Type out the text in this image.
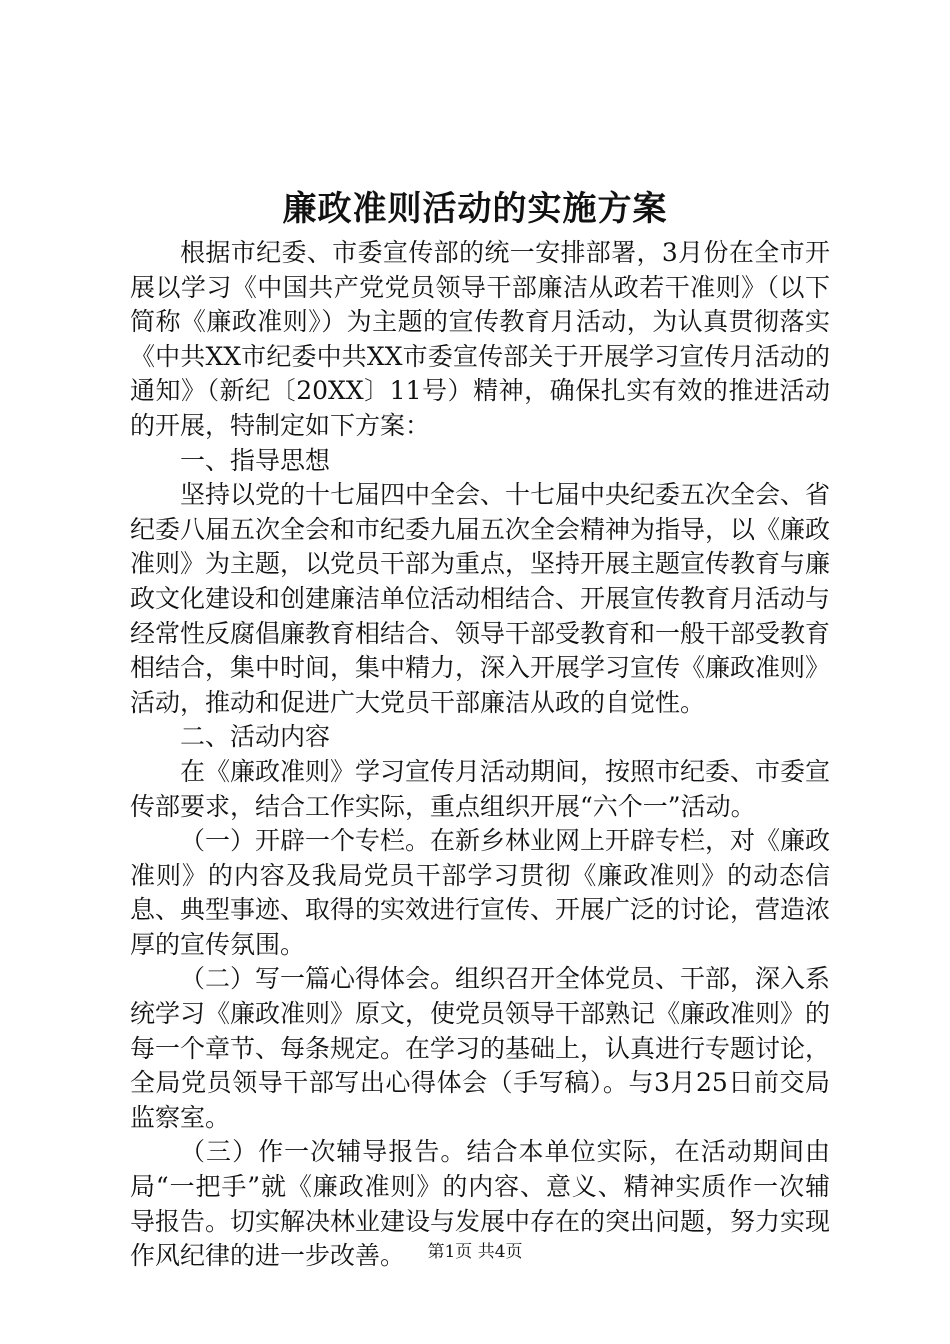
廉政准则活动的实施方案

根据市纪委、市委宣传部的统一安排部署，3月份在全市开展以学习《中国共产党党员领导干部廉洁从政若干准则》（以下简称《廉政准则》）为主题的宣传教育月活动，为认真贯彻落实《中共XX市纪委中共XX市委宣传部关于开展学习宣传月活动的通知》（新纪〔20XX〕11号）精神，确保扎实有效的推进活动的开展，特制定如下方案：

一、指导思想

坚持以党的十七届四中全会、十七届中央纪委五次全会、省纪委八届五次全会和市纪委九届五次全会精神为指导，以《廉政准则》为主题，以党员干部为重点，坚持开展主题宣传教育与廉政文化建设和创建廉洁单位活动相结合、开展宣传教育月活动与经常性反腐倡廉教育相结合、领导干部受教育和一般干部受教育相结合，集中时间，集中精力，深入开展学习宣传《廉政准则》活动，推动和促进广大党员干部廉洁从政的自觉性。

二、活动内容

在《廉政准则》学习宣传月活动期间，按照市纪委、市委宣传部要求，结合工作实际，重点组织开展“六个一”活动。

（一）开辟一个专栏。在新乡林业网上开辟专栏，对《廉政准则》的内容及我局党员干部学习贯彻《廉政准则》的动态信息、典型事迹、取得的实效进行宣传、开展广泛的讨论，营造浓厚的宣传氛围。

（二）写一篇心得体会。组织召开全体党员、干部，深入系统学习《廉政准则》原文，使党员领导干部熟记《廉政准则》的每一个章节、每条规定。在学习的基础上，认真进行专题讨论，全局党员领导干部写出心得体会（手写稿）。与3月25日前交局监察室。

（三）作一次辅导报告。结合本单位实际，在活动期间由局“一把手”就《廉政准则》的内容、意义、精神实质作一次辅导报告。切实解决林业建设与发展中存在的突出问题，努力实现作风纪律的进一步改善。	第1页 共4页
